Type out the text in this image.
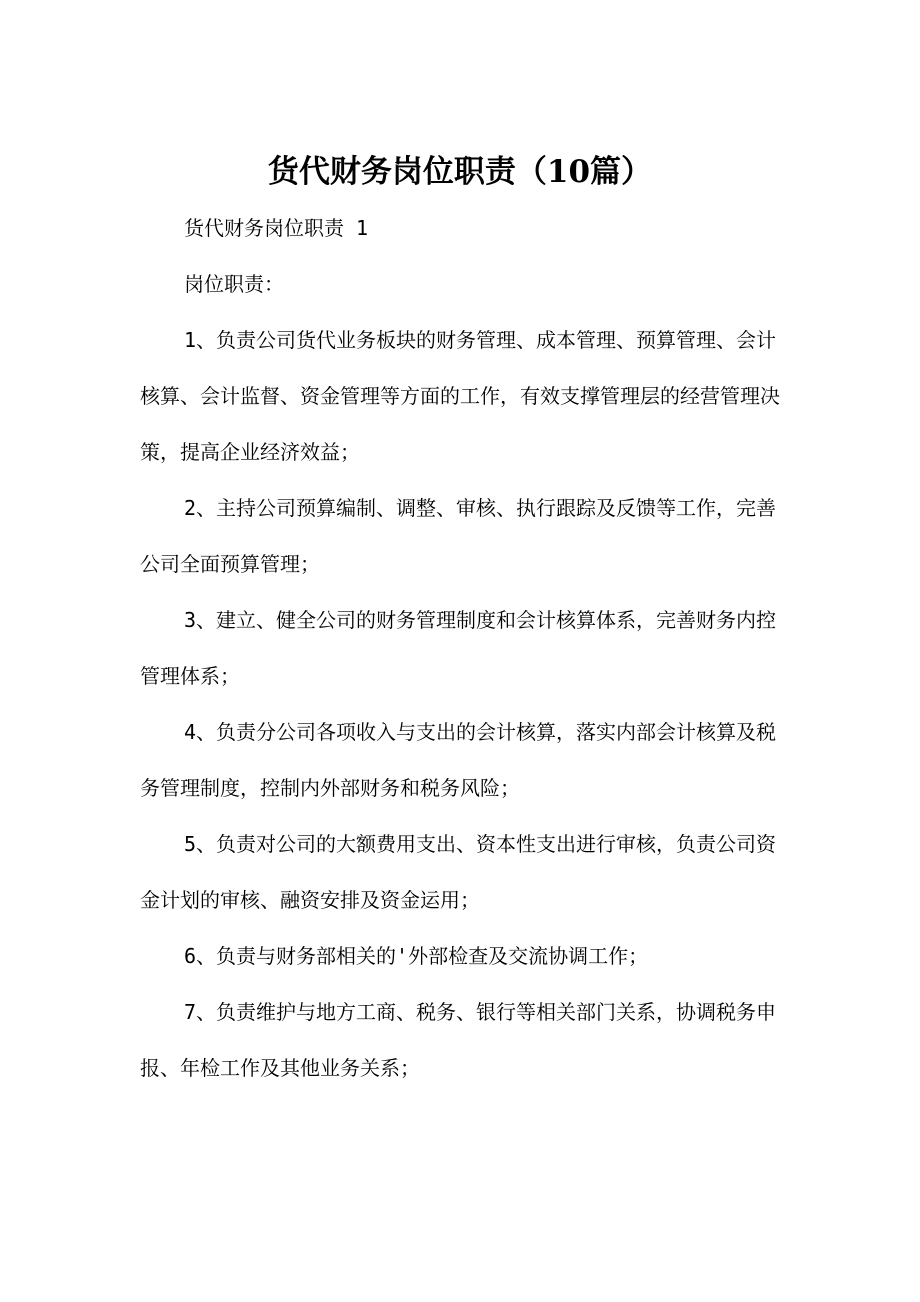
货代财务岗位职责（10篇）

货代财务岗位职责 1

岗位职责：

1、负责公司货代业务板块的财务管理、成本管理、预算管理、会计核算、会计监督、资金管理等方面的工作，有效支撑管理层的经营管理决策，提高企业经济效益；

2、主持公司预算编制、调整、审核、执行跟踪及反馈等工作，完善公司全面预算管理；

3、建立、健全公司的财务管理制度和会计核算体系，完善财务内控管理体系；

4、负责分公司各项收入与支出的会计核算，落实内部会计核算及税务管理制度，控制内外部财务和税务风险；

5、负责对公司的大额费用支出、资本性支出进行审核，负责公司资金计划的审核、融资安排及资金运用；

6、负责与财务部相关的'外部检查及交流协调工作；

7、负责维护与地方工商、税务、银行等相关部门关系，协调税务申报、年检工作及其他业务关系；
